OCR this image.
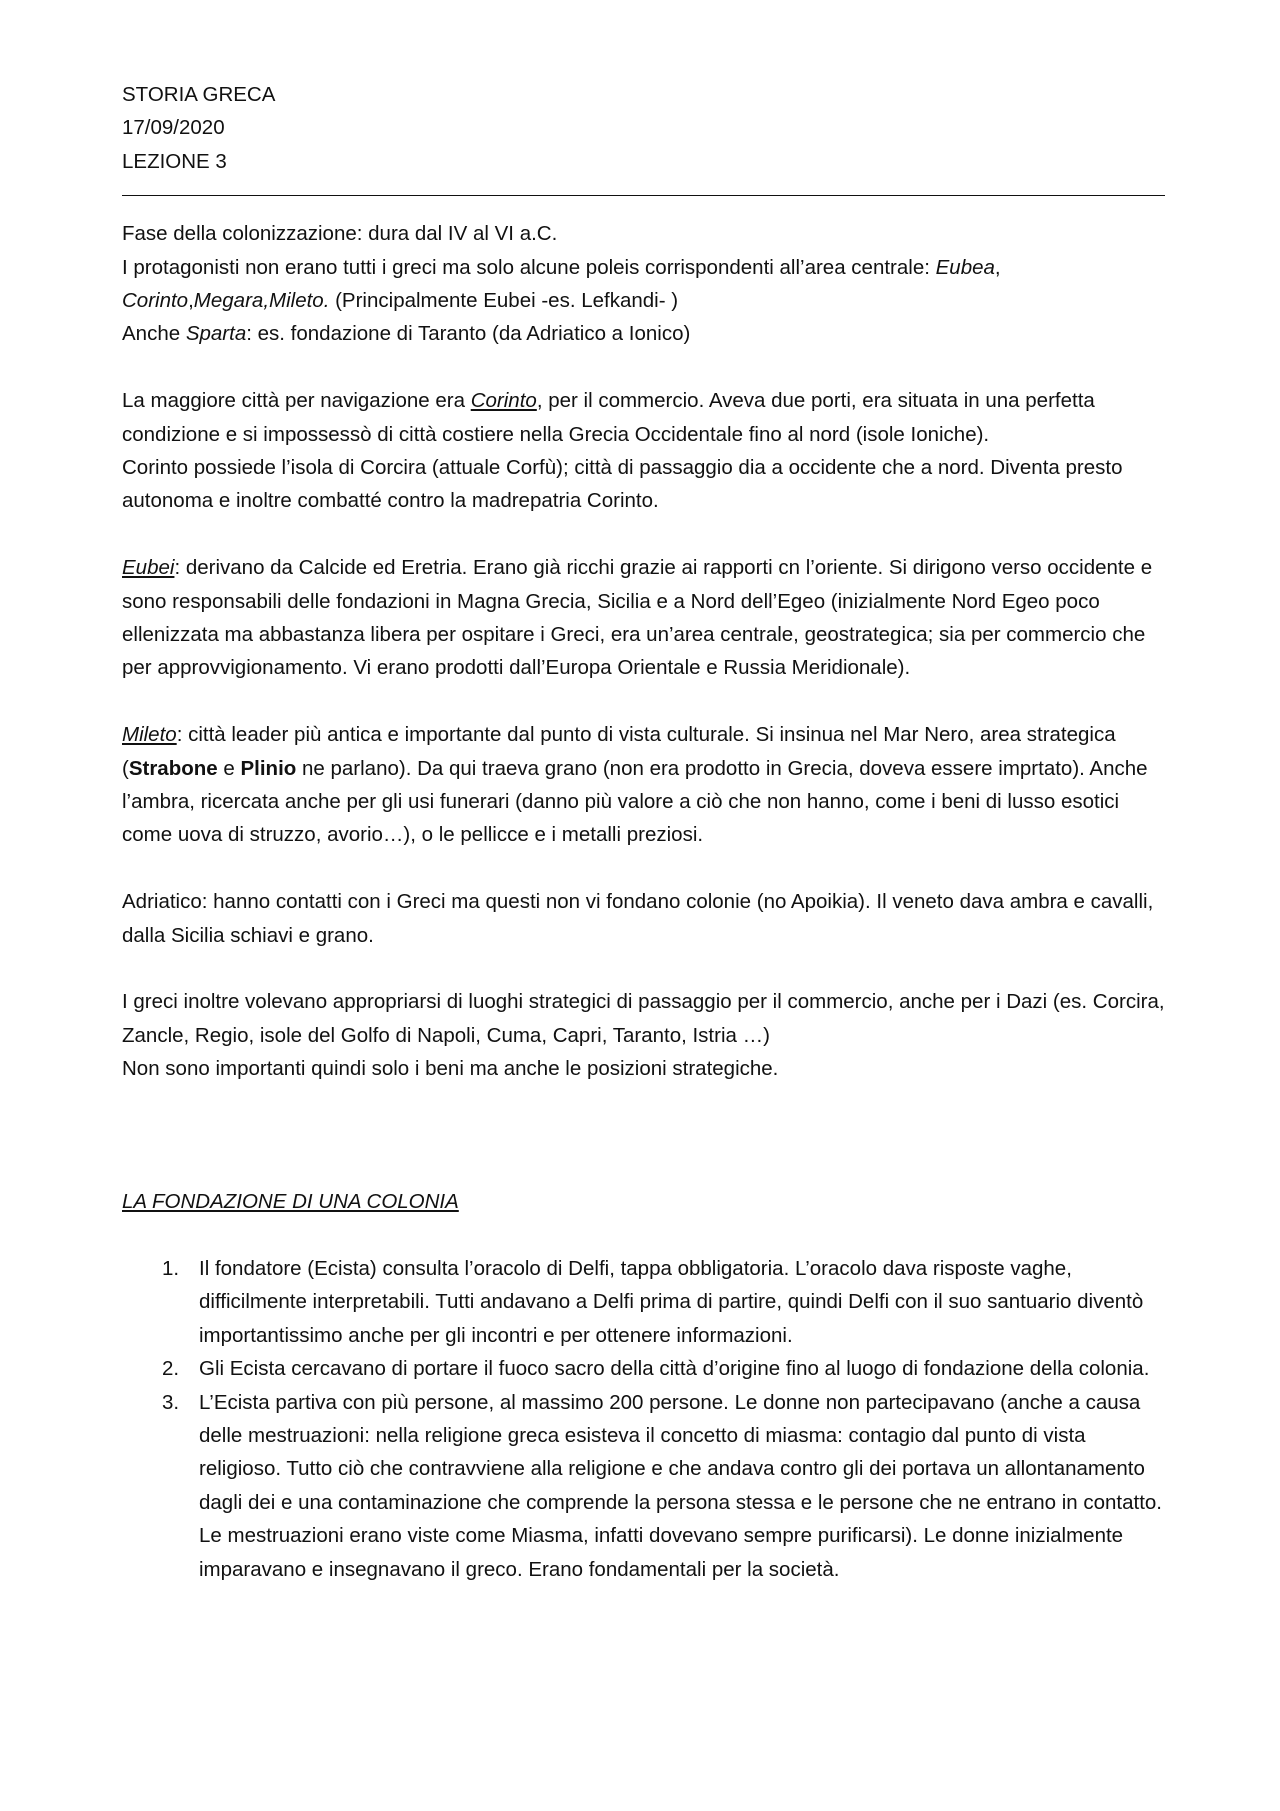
STORIA GRECA
17/09/2020
LEZIONE 3

Fase della colonizzazione: dura dal IV al VI a.C.
I protagonisti non erano tutti i greci ma solo alcune poleis corrispondenti all’area centrale: Eubea, Corinto,Megara,Mileto. (Principalmente Eubei -es. Lefkandi- )
Anche Sparta: es. fondazione di Taranto (da Adriatico a Ionico)

La maggiore città per navigazione era Corinto, per il commercio. Aveva due porti, era situata in una perfetta condizione e si impossessò di città costiere nella Grecia Occidentale fino al nord (isole Ioniche).
Corinto possiede l’isola di Corcira (attuale Corfù); città di passaggio dia a occidente che a nord. Diventa presto autonoma e inoltre combatté contro la madrepatria Corinto.

Eubei: derivano da Calcide ed Eretria. Erano già ricchi grazie ai rapporti cn l’oriente. Si dirigono verso occidente e sono responsabili delle fondazioni in Magna Grecia, Sicilia e a Nord dell’Egeo (inizialmente Nord Egeo poco ellenizzata ma abbastanza libera per ospitare i Greci, era un’area centrale, geostrategica; sia per commercio che per approvvigionamento. Vi erano prodotti dall’Europa Orientale e Russia Meridionale).

Mileto: città leader più antica e importante dal punto di vista culturale. Si insinua nel Mar Nero, area strategica (Strabone e Plinio ne parlano). Da qui traeva grano (non era prodotto in Grecia, doveva essere imprtato). Anche l’ambra, ricercata anche per gli usi funerari (danno più valore a ciò che non hanno, come i beni di lusso esotici come uova di struzzo, avorio…), o le pellicce e i metalli preziosi.

Adriatico: hanno contatti con i Greci ma questi non vi fondano colonie (no Apoikia). Il veneto dava ambra e cavalli, dalla Sicilia schiavi e grano.

I greci inoltre volevano appropriarsi di luoghi strategici di passaggio per il commercio, anche per i Dazi (es. Corcira, Zancle, Regio, isole del Golfo di Napoli, Cuma, Capri, Taranto, Istria …)
Non sono importanti quindi solo i beni ma anche le posizioni strategiche.

LA FONDAZIONE DI UNA COLONIA
1. Il fondatore (Ecista) consulta l’oracolo di Delfi, tappa obbligatoria. L’oracolo dava risposte vaghe, difficilmente interpretabili. Tutti andavano a Delfi prima di partire, quindi Delfi con il suo santuario diventò importantissimo anche per gli incontri e per ottenere informazioni.
2. Gli Ecista cercavano di portare il fuoco sacro della città d’origine fino al luogo di fondazione della colonia.
3. L’Ecista partiva con più persone, al massimo 200 persone. Le donne non partecipavano (anche a causa delle mestruazioni: nella religione greca esisteva il concetto di miasma: contagio dal punto di vista religioso. Tutto ciò che contravviene alla religione e che andava contro gli dei portava un allontanamento dagli dei e una contaminazione che comprende la persona stessa e le persone che ne entrano in contatto. Le mestruazioni erano viste come Miasma, infatti dovevano sempre purificarsi). Le donne inizialmente imparavano e insegnavano il greco. Erano fondamentali per la società.
